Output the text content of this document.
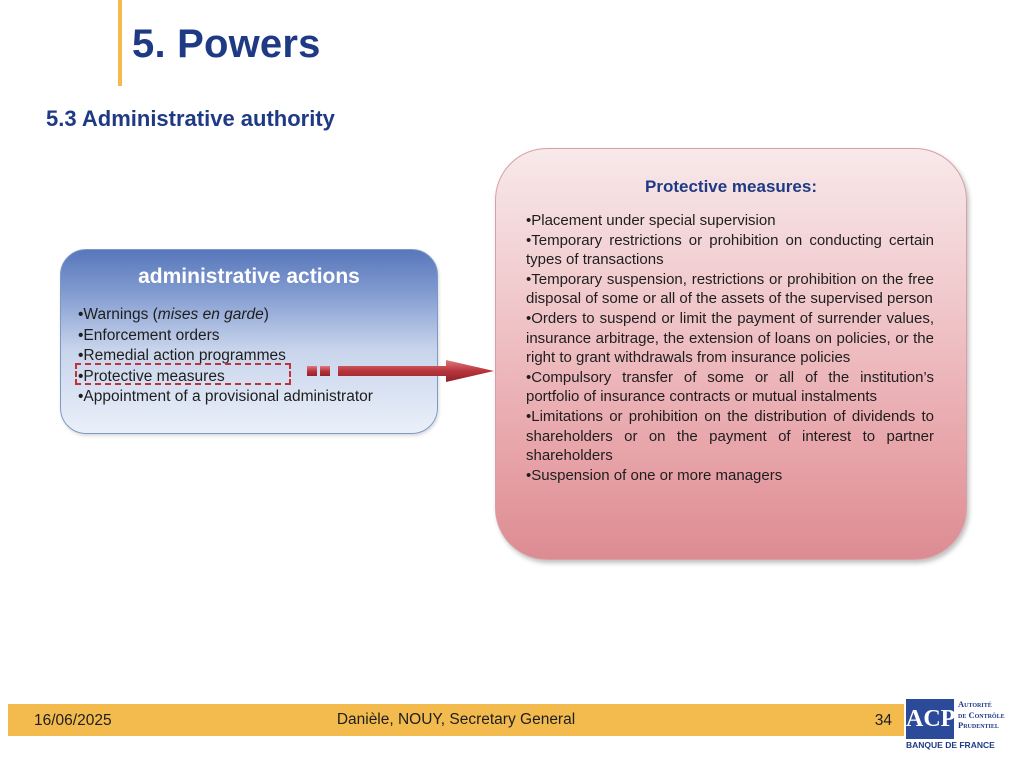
5. Powers
5.3 Administrative authority
administrative actions
•Warnings (mises en garde)
•Enforcement orders
•Remedial action programmes
•Protective measures
•Appointment of a provisional administrator
Protective measures:
•Placement under special supervision
•Temporary restrictions or prohibition on conducting certain types of transactions
•Temporary suspension, restrictions or prohibition on the free disposal of some or all of the assets of the supervised person
•Orders to suspend or limit the payment of surrender values, insurance arbitrage, the extension of loans on policies, or the right to grant withdrawals from insurance policies
•Compulsory transfer of some or all of the institution’s portfolio of insurance contracts or mutual instalments
•Limitations or prohibition on the distribution of dividends to shareholders or on the payment of interest to partner shareholders
•Suspension of one or more managers
16/06/2025	Danièle, NOUY, Secretary General	34 ACP
Autorité
de Contrôle
Prudentiel
BANQUE DE FRANCE
